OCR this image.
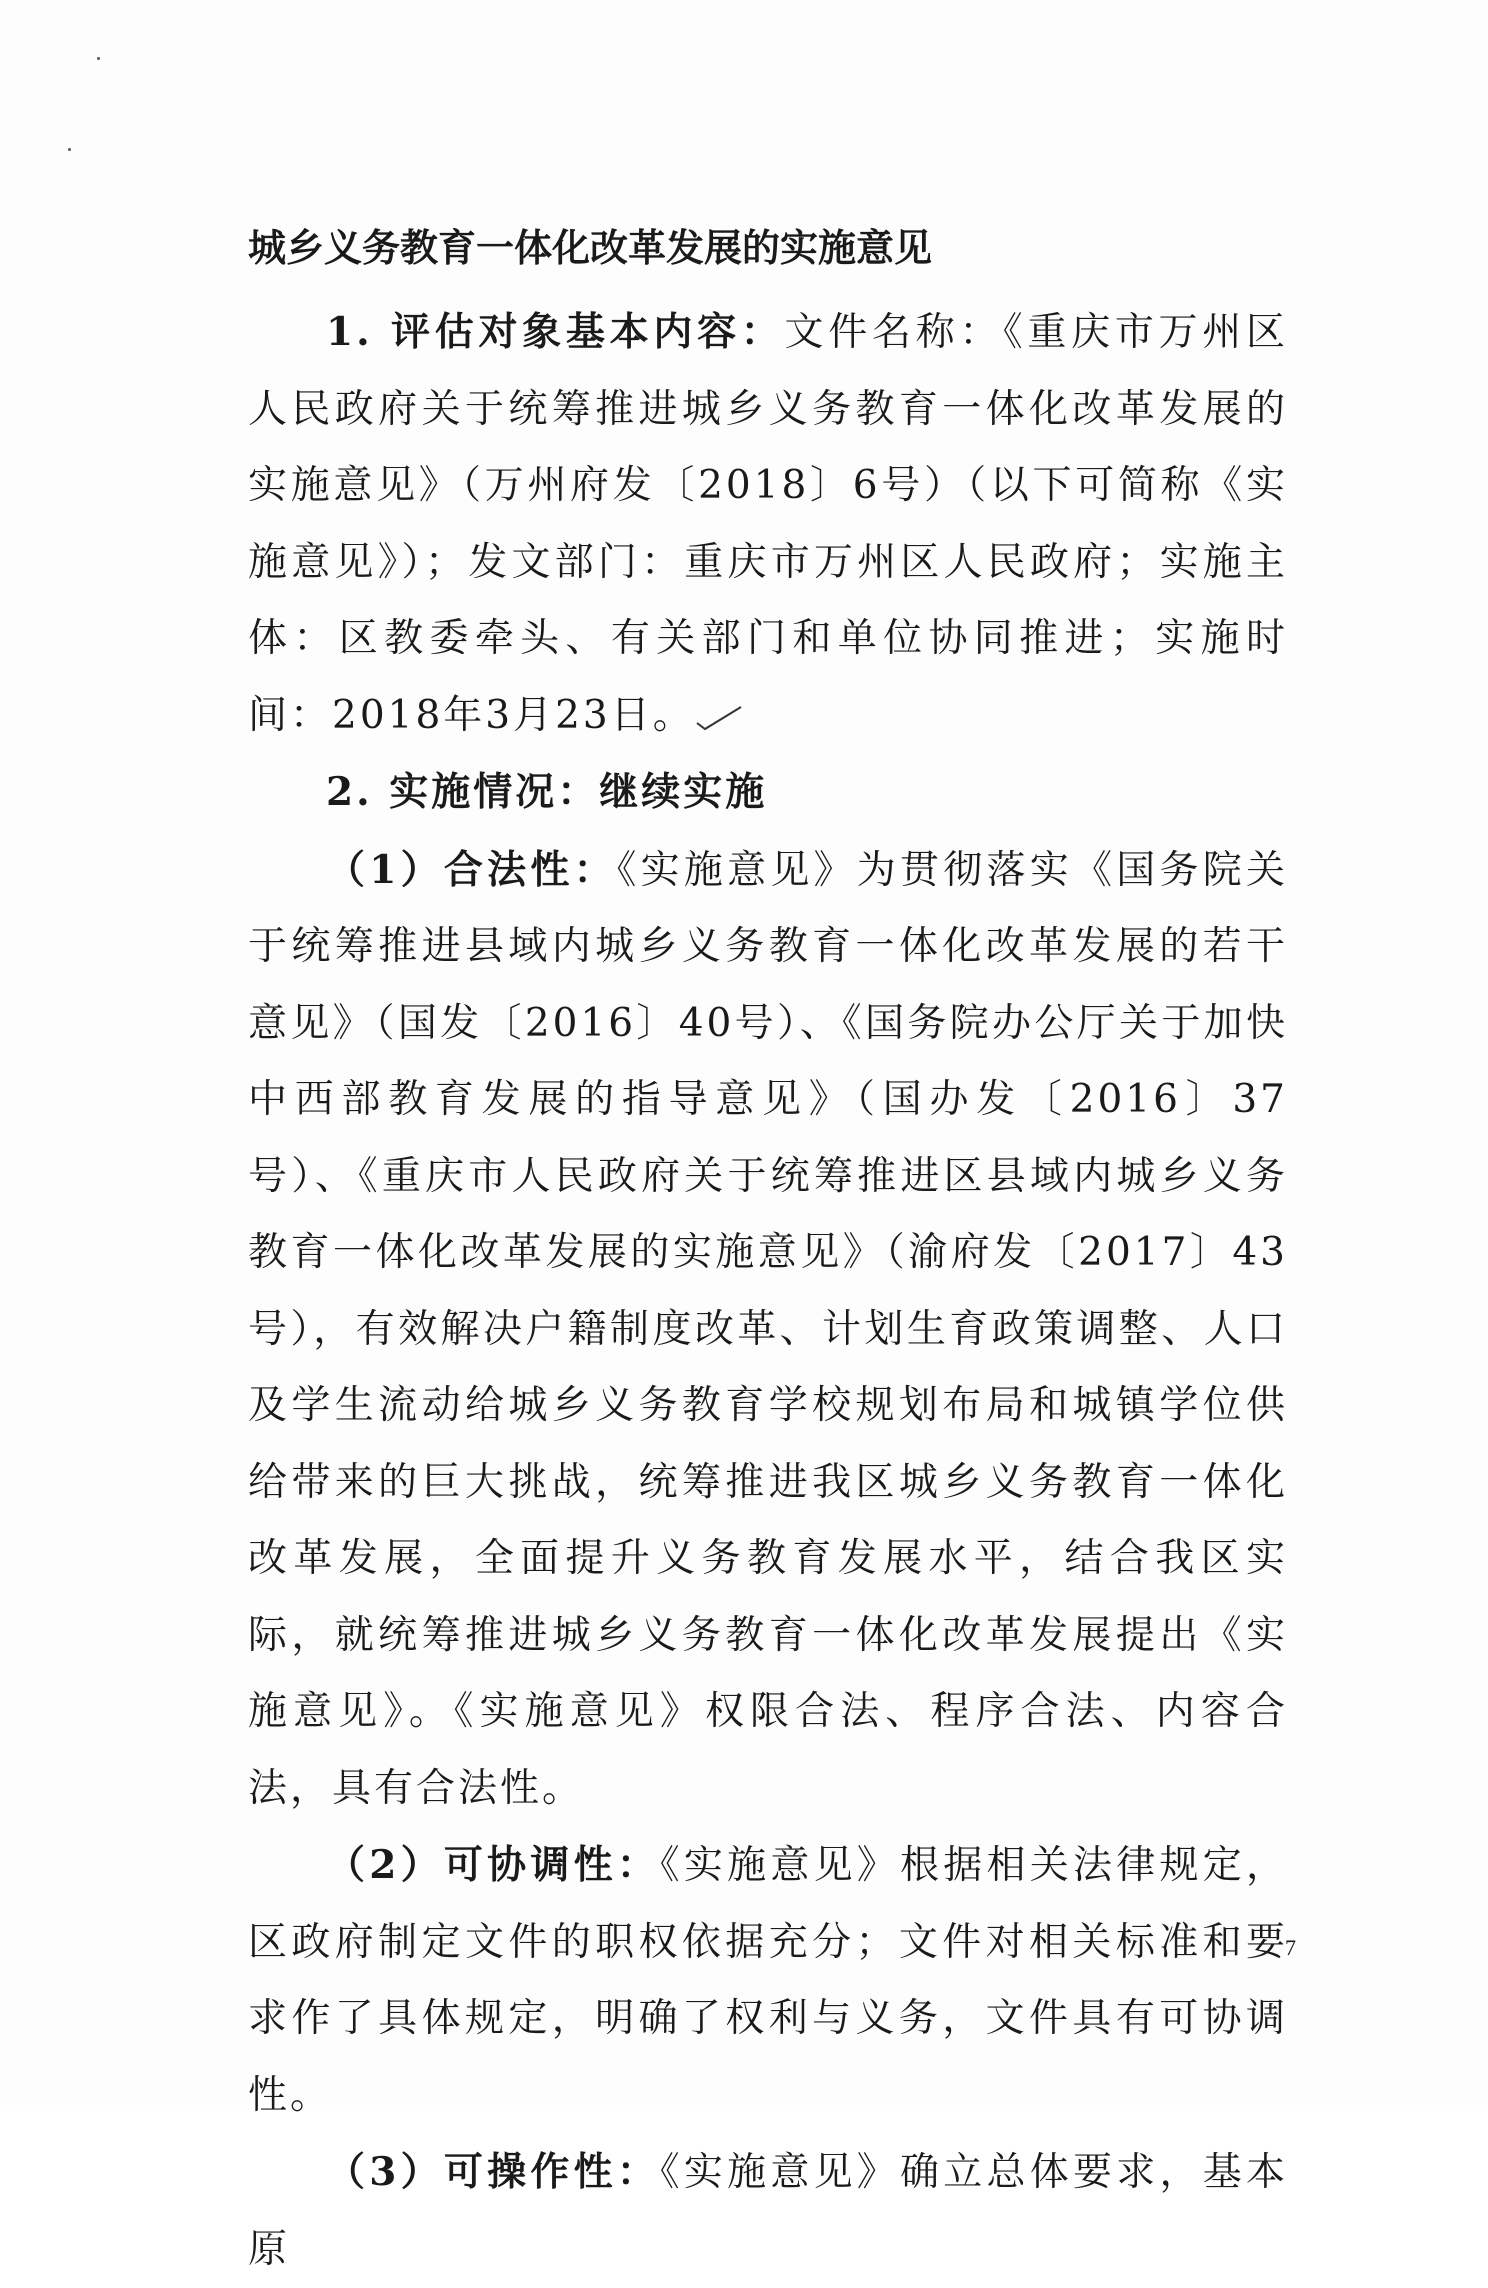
城乡义务教育一体化改革发展的实施意见

1. 评估对象基本内容：文件名称：《重庆市万州区人民政府关于统筹推进城乡义务教育一体化改革发展的实施意见》（万州府发〔2018〕6号）（以下可简称《实施意见》）；发文部门：重庆市万州区人民政府；实施主体：区教委牵头、有关部门和单位协同推进；实施时间：2018年3月23日。

2. 实施情况：继续实施

（1）合法性：《实施意见》为贯彻落实《国务院关于统筹推进县域内城乡义务教育一体化改革发展的若干意见》（国发〔2016〕40号）、《国务院办公厅关于加快中西部教育发展的指导意见》（国办发〔2016〕37号）、《重庆市人民政府关于统筹推进区县域内城乡义务教育一体化改革发展的实施意见》（渝府发〔2017〕43号），有效解决户籍制度改革、计划生育政策调整、人口及学生流动给城乡义务教育学校规划布局和城镇学位供给带来的巨大挑战，统筹推进我区城乡义务教育一体化改革发展，全面提升义务教育发展水平，结合我区实际，就统筹推进城乡义务教育一体化改革发展提出《实施意见》。《实施意见》权限合法、程序合法、内容合法，具有合法性。

（2）可协调性：《实施意见》根据相关法律规定，区政府制定文件的职权依据充分；文件对相关标准和要求作了具体规定，明确了权利与义务，文件具有可协调性。

（3）可操作性：《实施意见》确立总体要求，基本原

7
